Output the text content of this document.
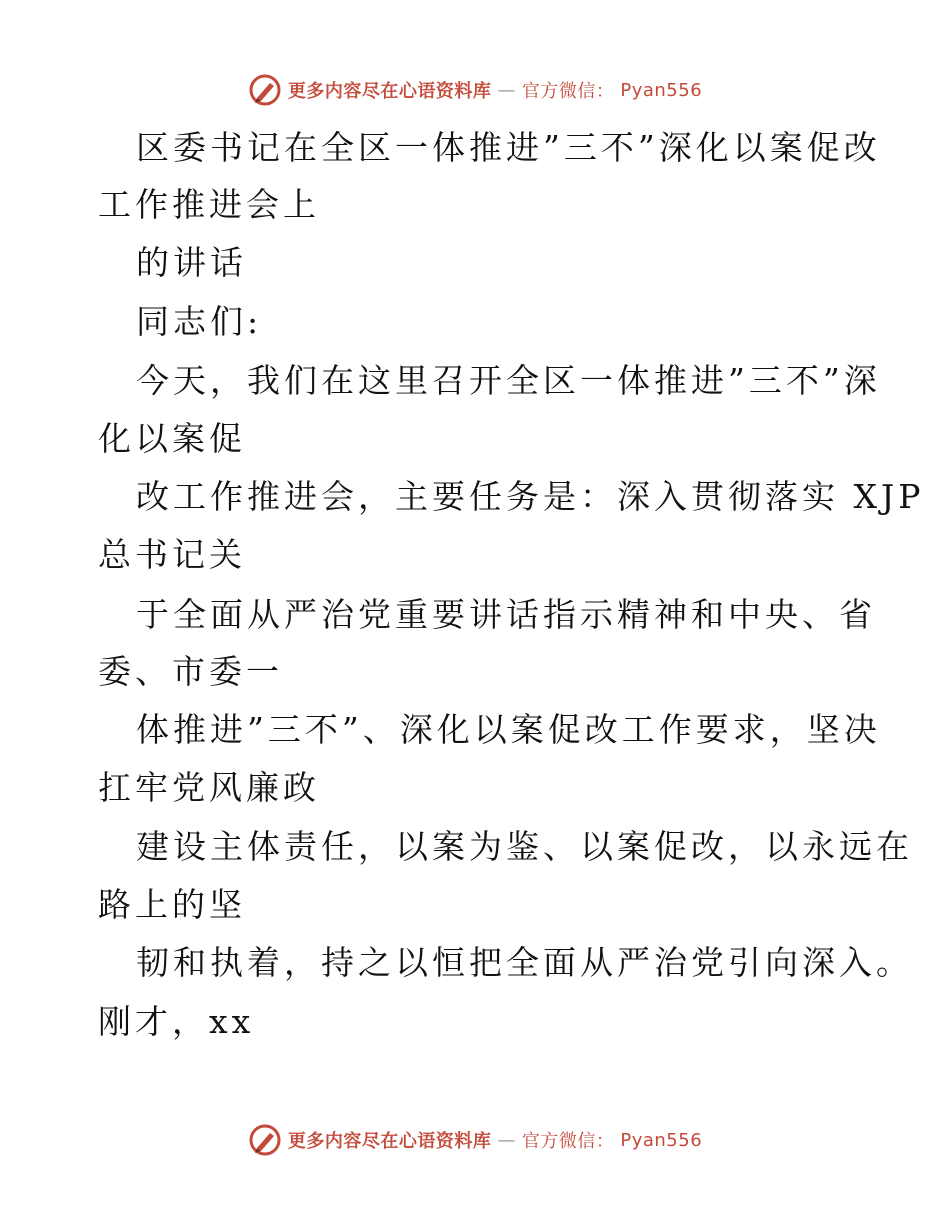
更多内容尽在心语资料库 — 官方微信： Pyan556
区委书记在全区一体推进”三不”深化以案促改
工作推进会上
的讲话
同志们:
今天，我们在这里召开全区一体推进”三不”深
化以案促
改工作推进会，主要任务是：深入贯彻落实 XJP
总书记关
于全面从严治党重要讲话指示精神和中央、省
委、市委一
体推进”三不”、深化以案促改工作要求，坚决
扛牢党风廉政
建设主体责任，以案为鉴、以案促改，以永远在
路上的坚
韧和执着，持之以恒把全面从严治党引向深入。
刚才，xx
更多内容尽在心语资料库 — 官方微信： Pyan556
